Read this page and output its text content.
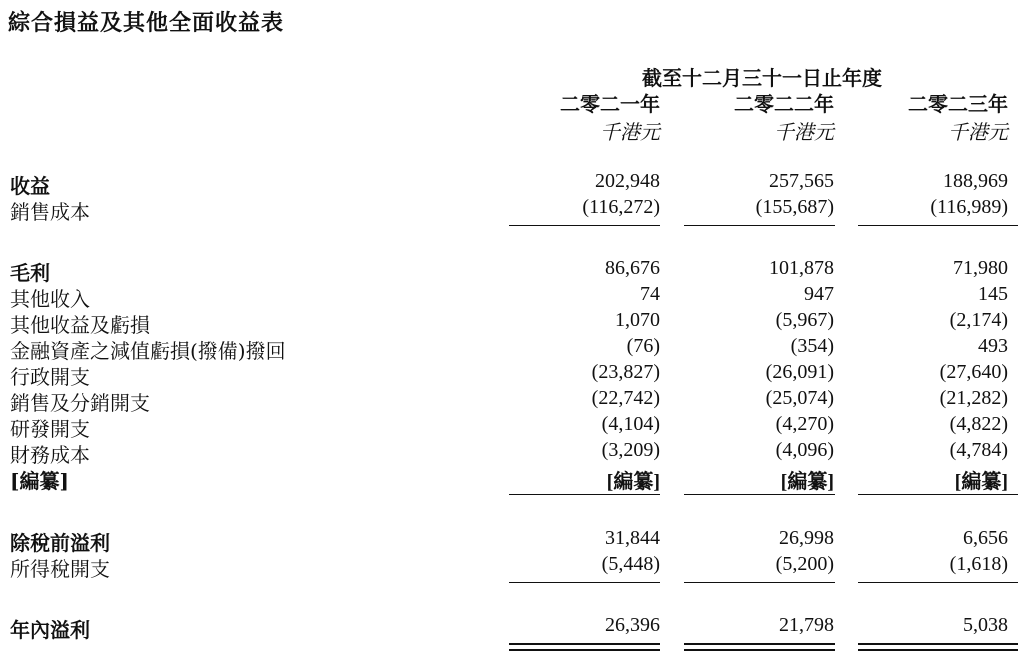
綜合損益及其他全面收益表
截至十二月三十一日止年度
二零二一年	二零二二年	二零二三年
千港元	千港元	千港元
收益	202,948	257,565	188,969
銷售成本	(116,272)	(155,687)	(116,989)
毛利	86,676	101,878	71,980
其他收入	74	947	145
其他收益及虧損	1,070	(5,967)	(2,174)
金融資產之減值虧損(撥備)撥回	(76)	(354)	493
行政開支	(23,827)	(26,091)	(27,640)
銷售及分銷開支	(22,742)	(25,074)	(21,282)
研發開支	(4,104)	(4,270)	(4,822)
財務成本	(3,209)	(4,096)	(4,784)
[編纂]	[編纂]	[編纂]	[編纂]
除稅前溢利	31,844	26,998	6,656
所得稅開支	(5,448)	(5,200)	(1,618)
年內溢利	26,396	21,798	5,038
